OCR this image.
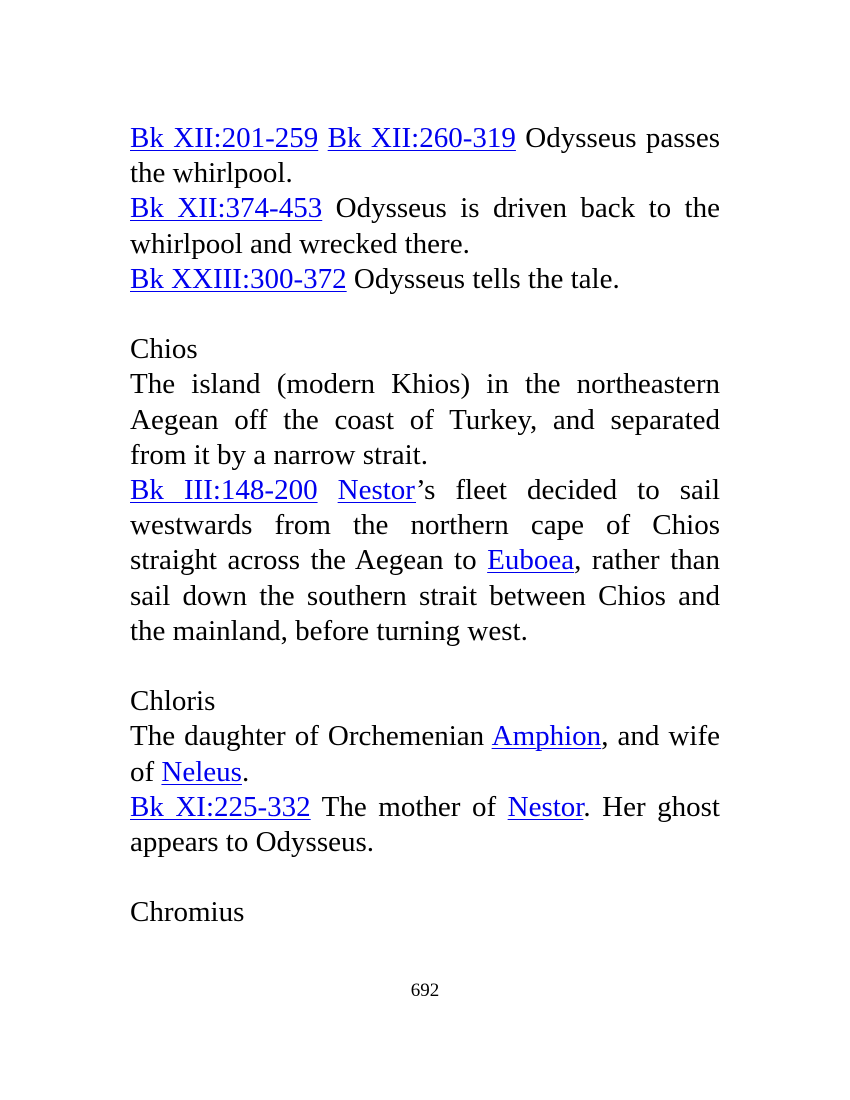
Bk XII:201-259 Bk XII:260-319 Odysseus passes the whirlpool.

Bk XII:374-453 Odysseus is driven back to the whirlpool and wrecked there.

Bk XXIII:300-372 Odysseus tells the tale.

Chios

The island (modern Khios) in the northeastern Aegean off the coast of Turkey, and separated from it by a narrow strait.

Bk III:148-200 Nestor’s fleet decided to sail westwards from the northern cape of Chios straight across the Aegean to Euboea, rather than sail down the southern strait between Chios and the mainland, before turning west.

Chloris

The daughter of Orchemenian Amphion, and wife of Neleus.

Bk XI:225-332 The mother of Nestor. Her ghost appears to Odysseus.

Chromius

692
